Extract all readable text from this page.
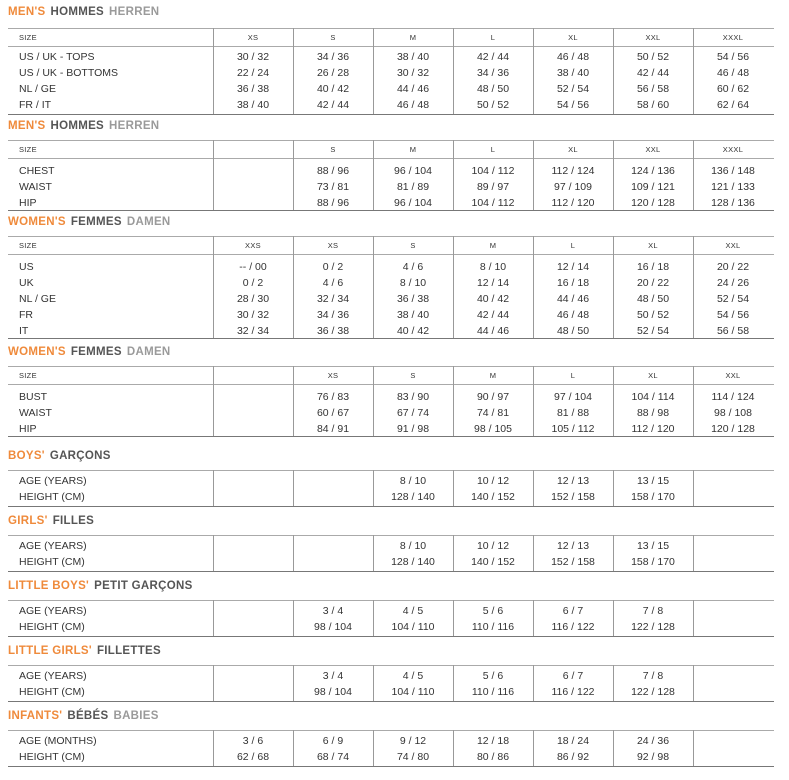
MEN'S HOMMES HERREN
SIZE	XS	S	M	L	XL	XXL	XXXL
US / UK - TOPS	30 / 32	34 / 36	38 / 40	42 / 44	46 / 48	50 / 52	54 / 56
US / UK - BOTTOMS	22 / 24	26 / 28	30 / 32	34 / 36	38 / 40	42 / 44	46 / 48
NL / GE	36 / 38	40 / 42	44 / 46	48 / 50	52 / 54	56 / 58	60 / 62
FR / IT	38 / 40	42 / 44	46 / 48	50 / 52	54 / 56	58 / 60	62 / 64
MEN'S HOMMES HERREN
SIZE	S	M	L	XL	XXL	XXXL
CHEST	88 / 96	96 / 104	104 / 112	112 / 124	124 / 136	136 / 148
WAIST	73 / 81	81 / 89	89 / 97	97 / 109	109 / 121	121 / 133
HIP	88 / 96	96 / 104	104 / 112	112 / 120	120 / 128	128 / 136
WOMEN'S FEMMES DAMEN
SIZE	XXS	XS	S	M	L	XL	XXL
US	-- / 00	0 / 2	4 / 6	8 / 10	12 / 14	16 / 18	20 / 22
UK	0 / 2	4 / 6	8 / 10	12 / 14	16 / 18	20 / 22	24 / 26
NL / GE	28 / 30	32 / 34	36 / 38	40 / 42	44 / 46	48 / 50	52 / 54
FR	30 / 32	34 / 36	38 / 40	42 / 44	46 / 48	50 / 52	54 / 56
IT	32 / 34	36 / 38	40 / 42	44 / 46	48 / 50	52 / 54	56 / 58
WOMEN'S FEMMES DAMEN
SIZE	XS	S	M	L	XL	XXL
BUST	76 / 83	83 / 90	90 / 97	97 / 104	104 / 114	114 / 124
WAIST	60 / 67	67 / 74	74 / 81	81 / 88	88 / 98	98 / 108
HIP	84 / 91	91 / 98	98 / 105	105 / 112	112 / 120	120 / 128
BOYS' GARÇONS
AGE (YEARS)	8 / 10	10 / 12	12 / 13	13 / 15
HEIGHT (CM)	128 / 140	140 / 152	152 / 158	158 / 170
GIRLS' FILLES
AGE (YEARS)	8 / 10	10 / 12	12 / 13	13 / 15
HEIGHT (CM)	128 / 140	140 / 152	152 / 158	158 / 170
LITTLE BOYS' PETIT GARÇONS
AGE (YEARS)	3 / 4	4 / 5	5 / 6	6 / 7	7 / 8
HEIGHT (CM)	98 / 104	104 / 110	110 / 116	116 / 122	122 / 128
LITTLE GIRLS' FILLETTES
AGE (YEARS)	3 / 4	4 / 5	5 / 6	6 / 7	7 / 8
HEIGHT (CM)	98 / 104	104 / 110	110 / 116	116 / 122	122 / 128
INFANTS' BÉBÉS BABIES
AGE (MONTHS)	3 / 6	6 / 9	9 / 12	12 / 18	18 / 24	24 / 36
HEIGHT (CM)	62 / 68	68 / 74	74 / 80	80 / 86	86 / 92	92 / 98
